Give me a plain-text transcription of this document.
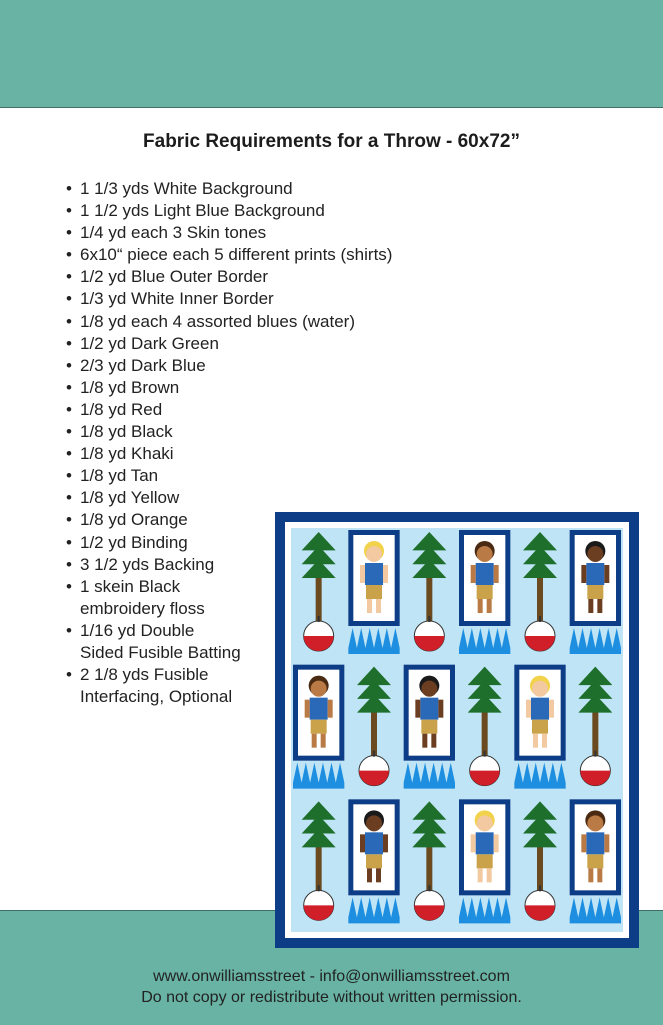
Fabric Requirements for a Throw - 60x72”
• 1 1/3 yds White Background
• 1 1/2 yds Light Blue Background
• 1/4 yd each 3 Skin tones
• 6x10“ piece each 5 different prints (shirts)
• 1/2 yd Blue Outer Border
• 1/3 yd White Inner Border
• 1/8 yd each 4 assorted blues (water)
• 1/2 yd Dark Green
• 2/3 yd Dark Blue
• 1/8 yd Brown
• 1/8 yd Red
• 1/8 yd Black
• 1/8 yd Khaki
• 1/8 yd Tan
• 1/8 yd Yellow
• 1/8 yd Orange
• 1/2 yd Binding
• 3 1/2 yds Backing
• 1 skein Black
embroidery floss
• 1/16 yd Double
Sided Fusible Batting
• 2 1/8 yds Fusible
Interfacing, Optional
www.onwilliamsstreet - info@onwilliamsstreet.com
Do not copy or redistribute without written permission.
